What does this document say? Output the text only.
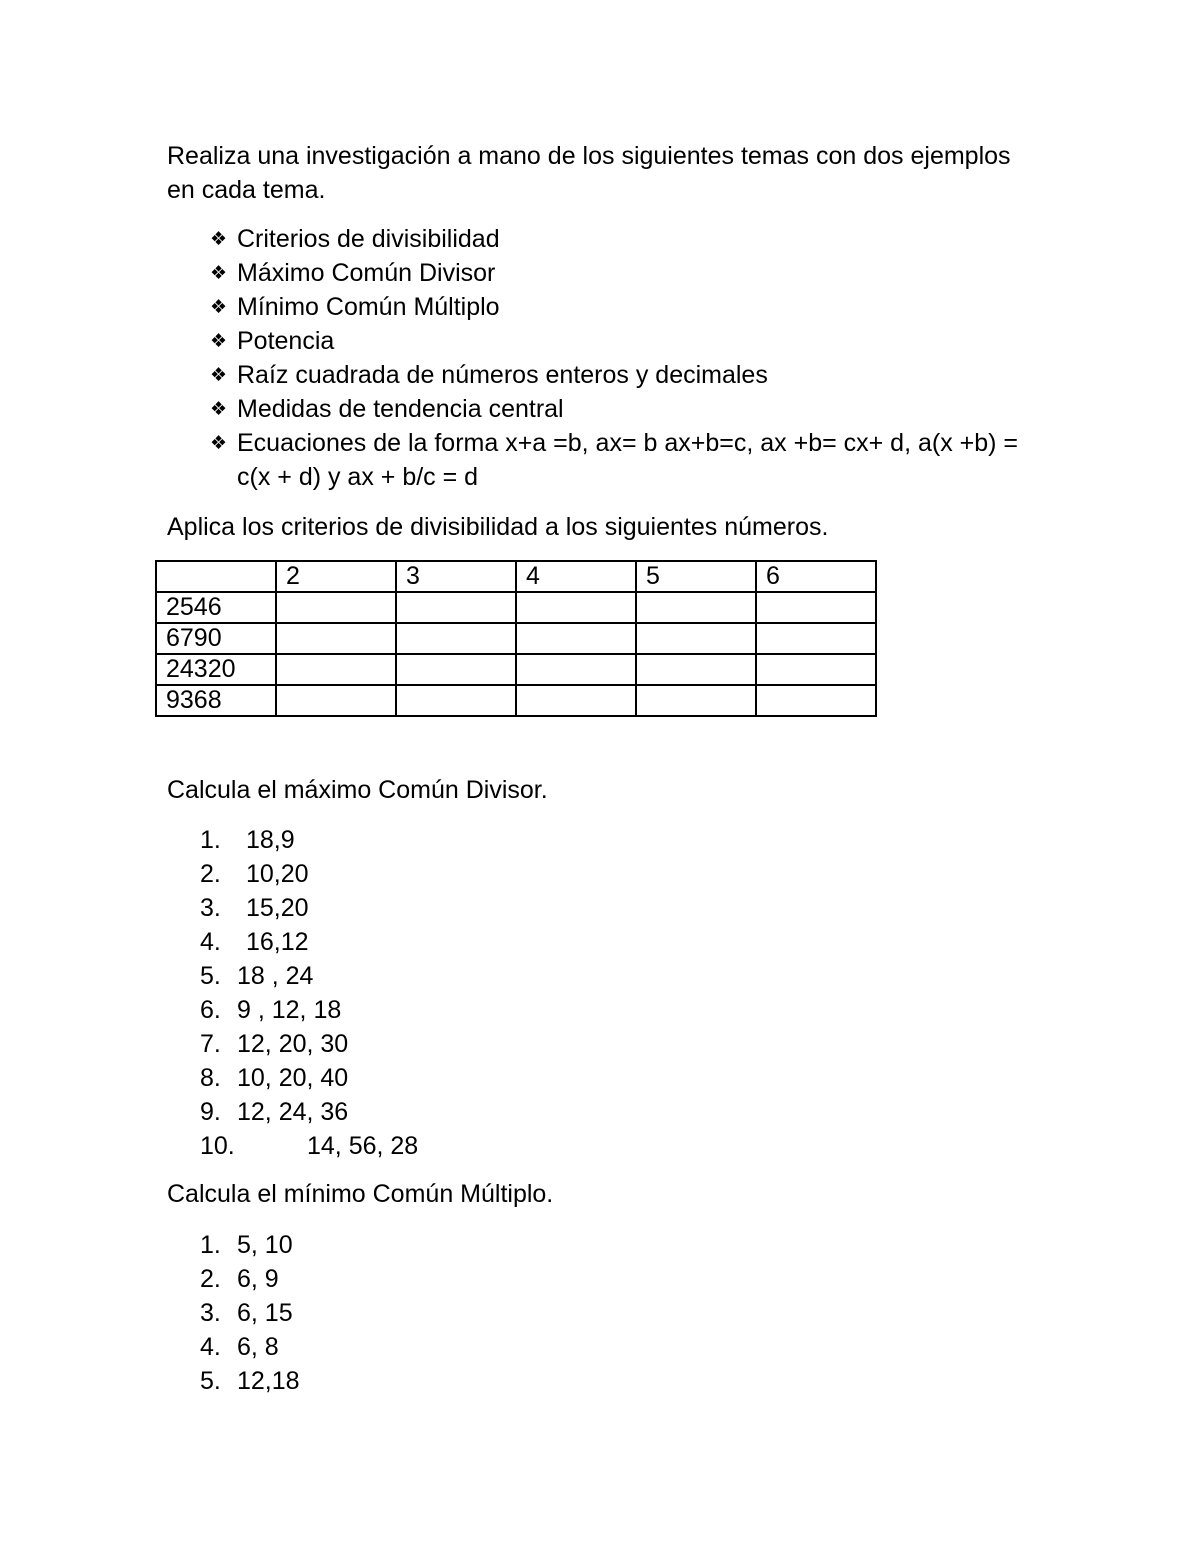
Realiza una investigación a mano de los siguientes temas con dos ejemplos en cada tema.

❖ Criterios de divisibilidad
❖ Máximo Común Divisor
❖ Mínimo Común Múltiplo
❖ Potencia
❖ Raíz cuadrada de números enteros y decimales
❖ Medidas de tendencia central
❖ Ecuaciones de la forma x+a =b, ax= b ax+b=c, ax +b= cx+ d, a(x +b) = c(x + d) y ax + b/c = d
Aplica los criterios de divisibilidad a los siguientes números.
	2	3	4	5	6
2546					
6790					
24320					
9368					
Calcula el máximo Común Divisor.
1.	18,9
2.	10,20
3.	15,20
4.	16,12
5. 18 , 24
6. 9 , 12, 18
7. 12, 20, 30
8. 10, 20, 40
9. 12, 24, 36
10.	14, 56, 28
Calcula el mínimo Común Múltiplo.
1. 5, 10
2. 6, 9
3. 6, 15
4. 6, 8
5. 12,18
